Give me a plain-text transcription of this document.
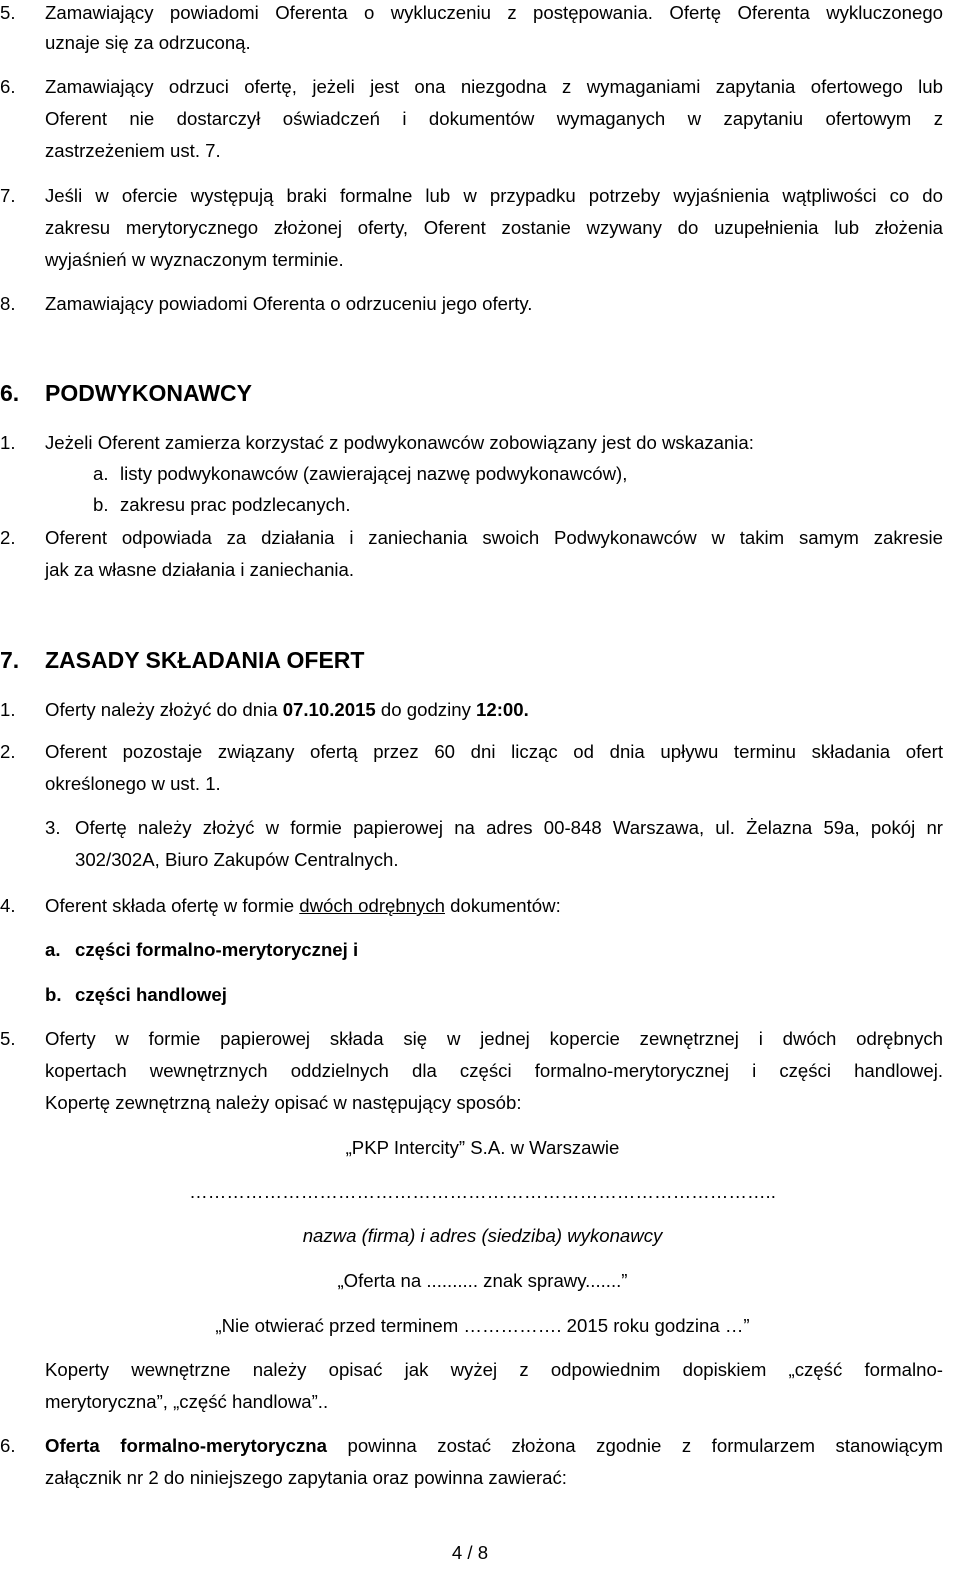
5. Zamawiający powiadomi Oferenta o wykluczeniu z postępowania. Ofertę Oferenta wykluczonego
uznaje się za odrzuconą.
6. Zamawiający odrzuci ofertę, jeżeli jest ona niezgodna z wymaganiami zapytania ofertowego lub
Oferent nie dostarczył oświadczeń i dokumentów wymaganych w zapytaniu ofertowym z
zastrzeżeniem ust. 7.
7. Jeśli w ofercie występują braki formalne lub w przypadku potrzeby wyjaśnienia wątpliwości co do
zakresu merytorycznego złożonej oferty, Oferent zostanie wzywany do uzupełnienia lub złożenia
wyjaśnień w wyznaczonym terminie.
8. Zamawiający powiadomi Oferenta o odrzuceniu jego oferty.
6. PODWYKONAWCY
1. Jeżeli Oferent zamierza korzystać z podwykonawców zobowiązany jest do wskazania:
a. listy podwykonawców (zawierającej nazwę podwykonawców),
b. zakresu prac podzlecanych.
2. Oferent odpowiada za działania i zaniechania swoich Podwykonawców w takim samym zakresie
jak za własne działania i zaniechania.
7. ZASADY SKŁADANIA OFERT
1. Oferty należy złożyć do dnia 07.10.2015 do godziny 12:00.
2. Oferent pozostaje związany ofertą przez 60 dni licząc od dnia upływu terminu składania ofert
określonego w ust. 1.
3. Ofertę należy złożyć w formie papierowej na adres 00-848 Warszawa, ul. Żelazna 59a, pokój nr
302/302A, Biuro Zakupów Centralnych.
4. Oferent składa ofertę w formie dwóch odrębnych dokumentów:
a. części formalno-merytorycznej i
b. części handlowej
5. Oferty w formie papierowej składa się w jednej kopercie zewnętrznej i dwóch odrębnych
kopertach wewnętrznych oddzielnych dla części formalno-merytorycznej i części handlowej.
Kopertę zewnętrzną należy opisać w następujący sposób:
„PKP Intercity” S.A. w Warszawie
…………………………………………………………………………………..
nazwa (firma) i adres (siedziba) wykonawcy
„Oferta na .......... znak sprawy.......”
„Nie otwierać przed terminem ……………. 2015 roku godzina …”
Koperty wewnętrzne należy opisać jak wyżej z odpowiednim dopiskiem „część formalno-
merytoryczna”, „część handlowa”..
6. Oferta formalno-merytoryczna powinna zostać złożona zgodnie z formularzem stanowiącym
załącznik nr 2 do niniejszego zapytania oraz powinna zawierać:
4 / 8
